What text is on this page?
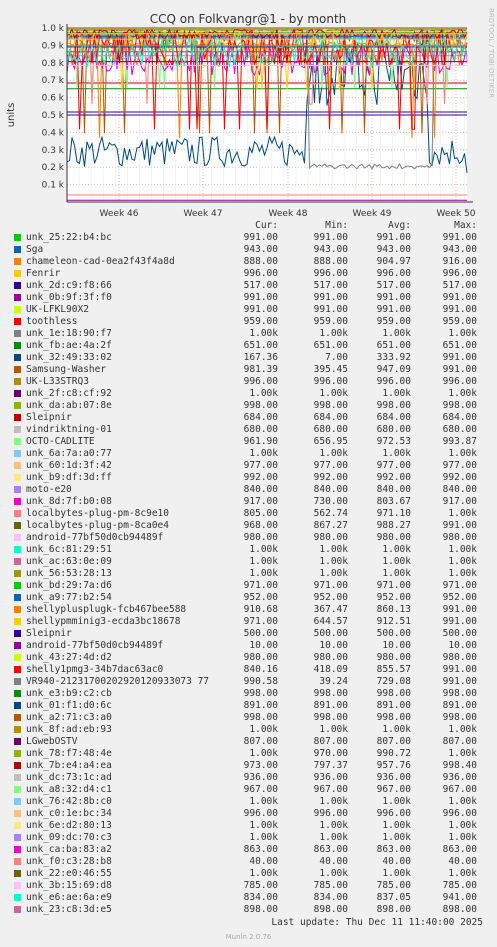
CCQ on Folkvangr@1 - by month	RRDTOOL / TOBI OETIKER
units
0.1 k
0.2 k
0.3 k
0.4 k
0.5 k
0.6 k
0.7 k
0.8 k
0.9 k
1.0 k
Week 46	Week 47	Week 48	Week 49	Week 50
Cur:	Min:	Avg:	Max:
unk_25:22:b4:bc	991.00	991.00	991.00	991.00
Sga	943.00	943.00	943.00	943.00
chameleon-cad-0ea2f43f4a8d	888.00	888.00	904.97	916.00
Fenrir	996.00	996.00	996.00	996.00
unk_2d:c9:f8:66	517.00	517.00	517.00	517.00
unk_0b:9f:3f:f0	991.00	991.00	991.00	991.00
UK-LFKL90X2	991.00	991.00	991.00	991.00
toothless	959.00	959.00	959.00	959.00
unk_1e:18:90:f7	1.00k	1.00k	1.00k	1.00k
unk_fb:ae:4a:2f	651.00	651.00	651.00	651.00
unk_32:49:33:02	167.36	7.00	333.92	991.00
Samsung-Washer	981.39	395.45	947.09	991.00
UK-L33STRQ3	996.00	996.00	996.00	996.00
unk_2f:c8:cf:92	1.00k	1.00k	1.00k	1.00k
unk_da:ab:07:8e	998.00	998.00	998.00	998.00
Sleipnir	684.00	684.00	684.00	684.00
vindriktning-01	680.00	680.00	680.00	680.00
OCTO-CADLITE	961.90	656.95	972.53	993.87
unk_6a:7a:a0:77	1.00k	1.00k	1.00k	1.00k
unk_60:1d:3f:42	977.00	977.00	977.00	977.00
unk_b9:df:3d:ff	992.00	992.00	992.00	992.00
moto-e20	840.00	840.00	840.00	840.00
unk_8d:7f:b0:08	917.00	730.00	803.67	917.00
localbytes-plug-pm-8c9e10	805.00	562.74	971.10	1.00k
localbytes-plug-pm-8ca0e4	968.00	867.27	988.27	991.00
android-77bf50d0cb94489f	980.00	980.00	980.00	980.00
unk_6c:81:29:51	1.00k	1.00k	1.00k	1.00k
unk_ac:63:0e:09	1.00k	1.00k	1.00k	1.00k
unk_56:53:28:13	1.00k	1.00k	1.00k	1.00k
unk_bd:29:7a:d6	971.00	971.00	971.00	971.00
unk_a9:77:b2:54	952.00	952.00	952.00	952.00
shellyplusplugk-fcb467bee588	910.68	367.47	860.13	991.00
shellypmminig3-ecda3bc18678	971.00	644.57	912.51	991.00
Sleipnir	500.00	500.00	500.00	500.00
android-77bf50d0cb94489f	10.00	10.00	10.00	10.00
unk_43:27:4d:d2	980.00	980.00	980.00	980.00
shelly1pmg3-34b7dac63ac0	840.16	418.09	855.57	991.00
VR940-21231700202920120933073 77	990.58	39.24	729.08	991.00
unk_e3:b9:c2:cb	998.00	998.00	998.00	998.00
unk_01:f1:d0:6c	891.00	891.00	891.00	891.00
unk_a2:71:c3:a0	998.00	998.00	998.00	998.00
unk_8f:ad:eb:93	1.00k	1.00k	1.00k	1.00k
LGwebOSTV	807.00	807.00	807.00	807.00
unk_78:f7:48:4e	1.00k	970.00	990.72	1.00k
unk_7b:e4:a4:ea	973.00	797.37	957.76	998.40
unk_dc:73:1c:ad	936.00	936.00	936.00	936.00
unk_a8:32:d4:c1	967.00	967.00	967.00	967.00
unk_76:42:8b:c0	1.00k	1.00k	1.00k	1.00k
unk_c0:1e:bc:34	996.00	996.00	996.00	996.00
unk_6e:d2:80:13	1.00k	1.00k	1.00k	1.00k
unk_09:dc:70:c3	1.00k	1.00k	1.00k	1.00k
unk_ca:ba:83:a2	863.00	863.00	863.00	863.00
unk_f0:c3:28:b8	40.00	40.00	40.00	40.00
unk_22:e0:46:55	1.00k	1.00k	1.00k	1.00k
unk_3b:15:69:d8	785.00	785.00	785.00	785.00
unk_e6:ae:6a:e9	834.00	834.00	837.05	941.00
unk_23:c8:3d:e5	898.00	898.00	898.00	898.00
Last update: Thu Dec 11 11:40:00 2025
Munin 2.0.76
